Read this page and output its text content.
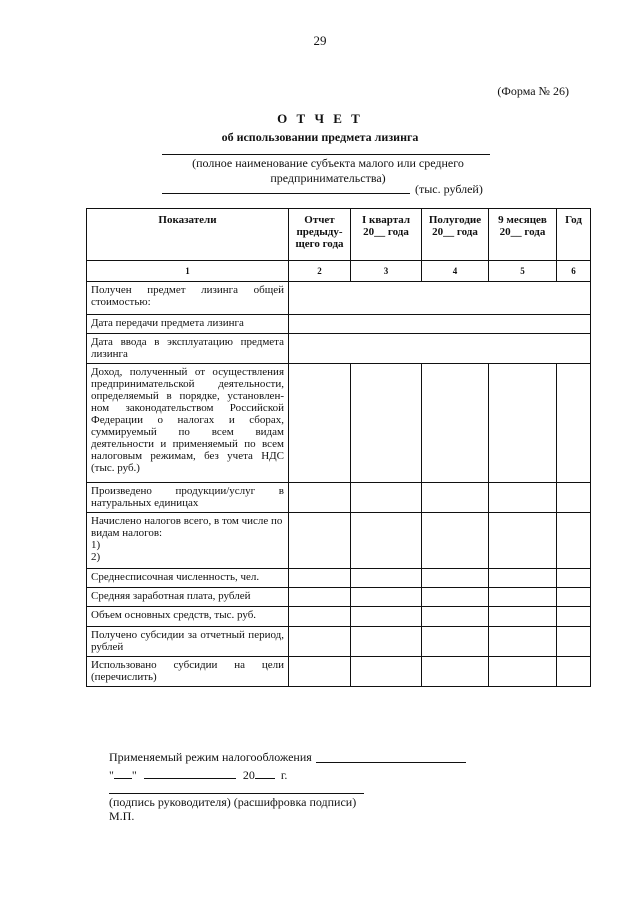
29
(Форма № 26)
О Т Ч Е Т
об использовании предмета лизинга
(полное наименование субъекта малого или среднего предпринимательства)
(тыс. рублей)
Показатели	Отчет предыду-щего года	I квартал 20__ года	Полугодие 20__ года	9 месяцев 20__ года	Год
1	2	3	4	5	6
Получен предмет лизинга общей стоимостью:					
Дата передачи предмета лизинга					
Дата ввода в эксплуатацию предмета лизинга					
Доход, полученный от осуществления предпринимательской деятельности, определяемый в порядке, установлен-ном законодательством Российской Федерации о налогах и сборах, суммируемый по всем видам деятельности и применяемый по всем налоговым режимам, без учета НДС (тыс. руб.)					
Произведено продукции/услуг в натуральных единицах					

Начислено налогов всего, в том числе по видам налогов:
1)
2)					

Среднесписочная численность, чел.					
Средняя заработная плата, рублей					
Объем основных средств, тыс. руб.					
Получено субсидии за отчетный период, рублей					
Использовано субсидии на цели (перечислить)					
Применяемый режим налогообложения
" "	20 г.
(подпись руководителя) (расшифровка подписи)
М.П.
